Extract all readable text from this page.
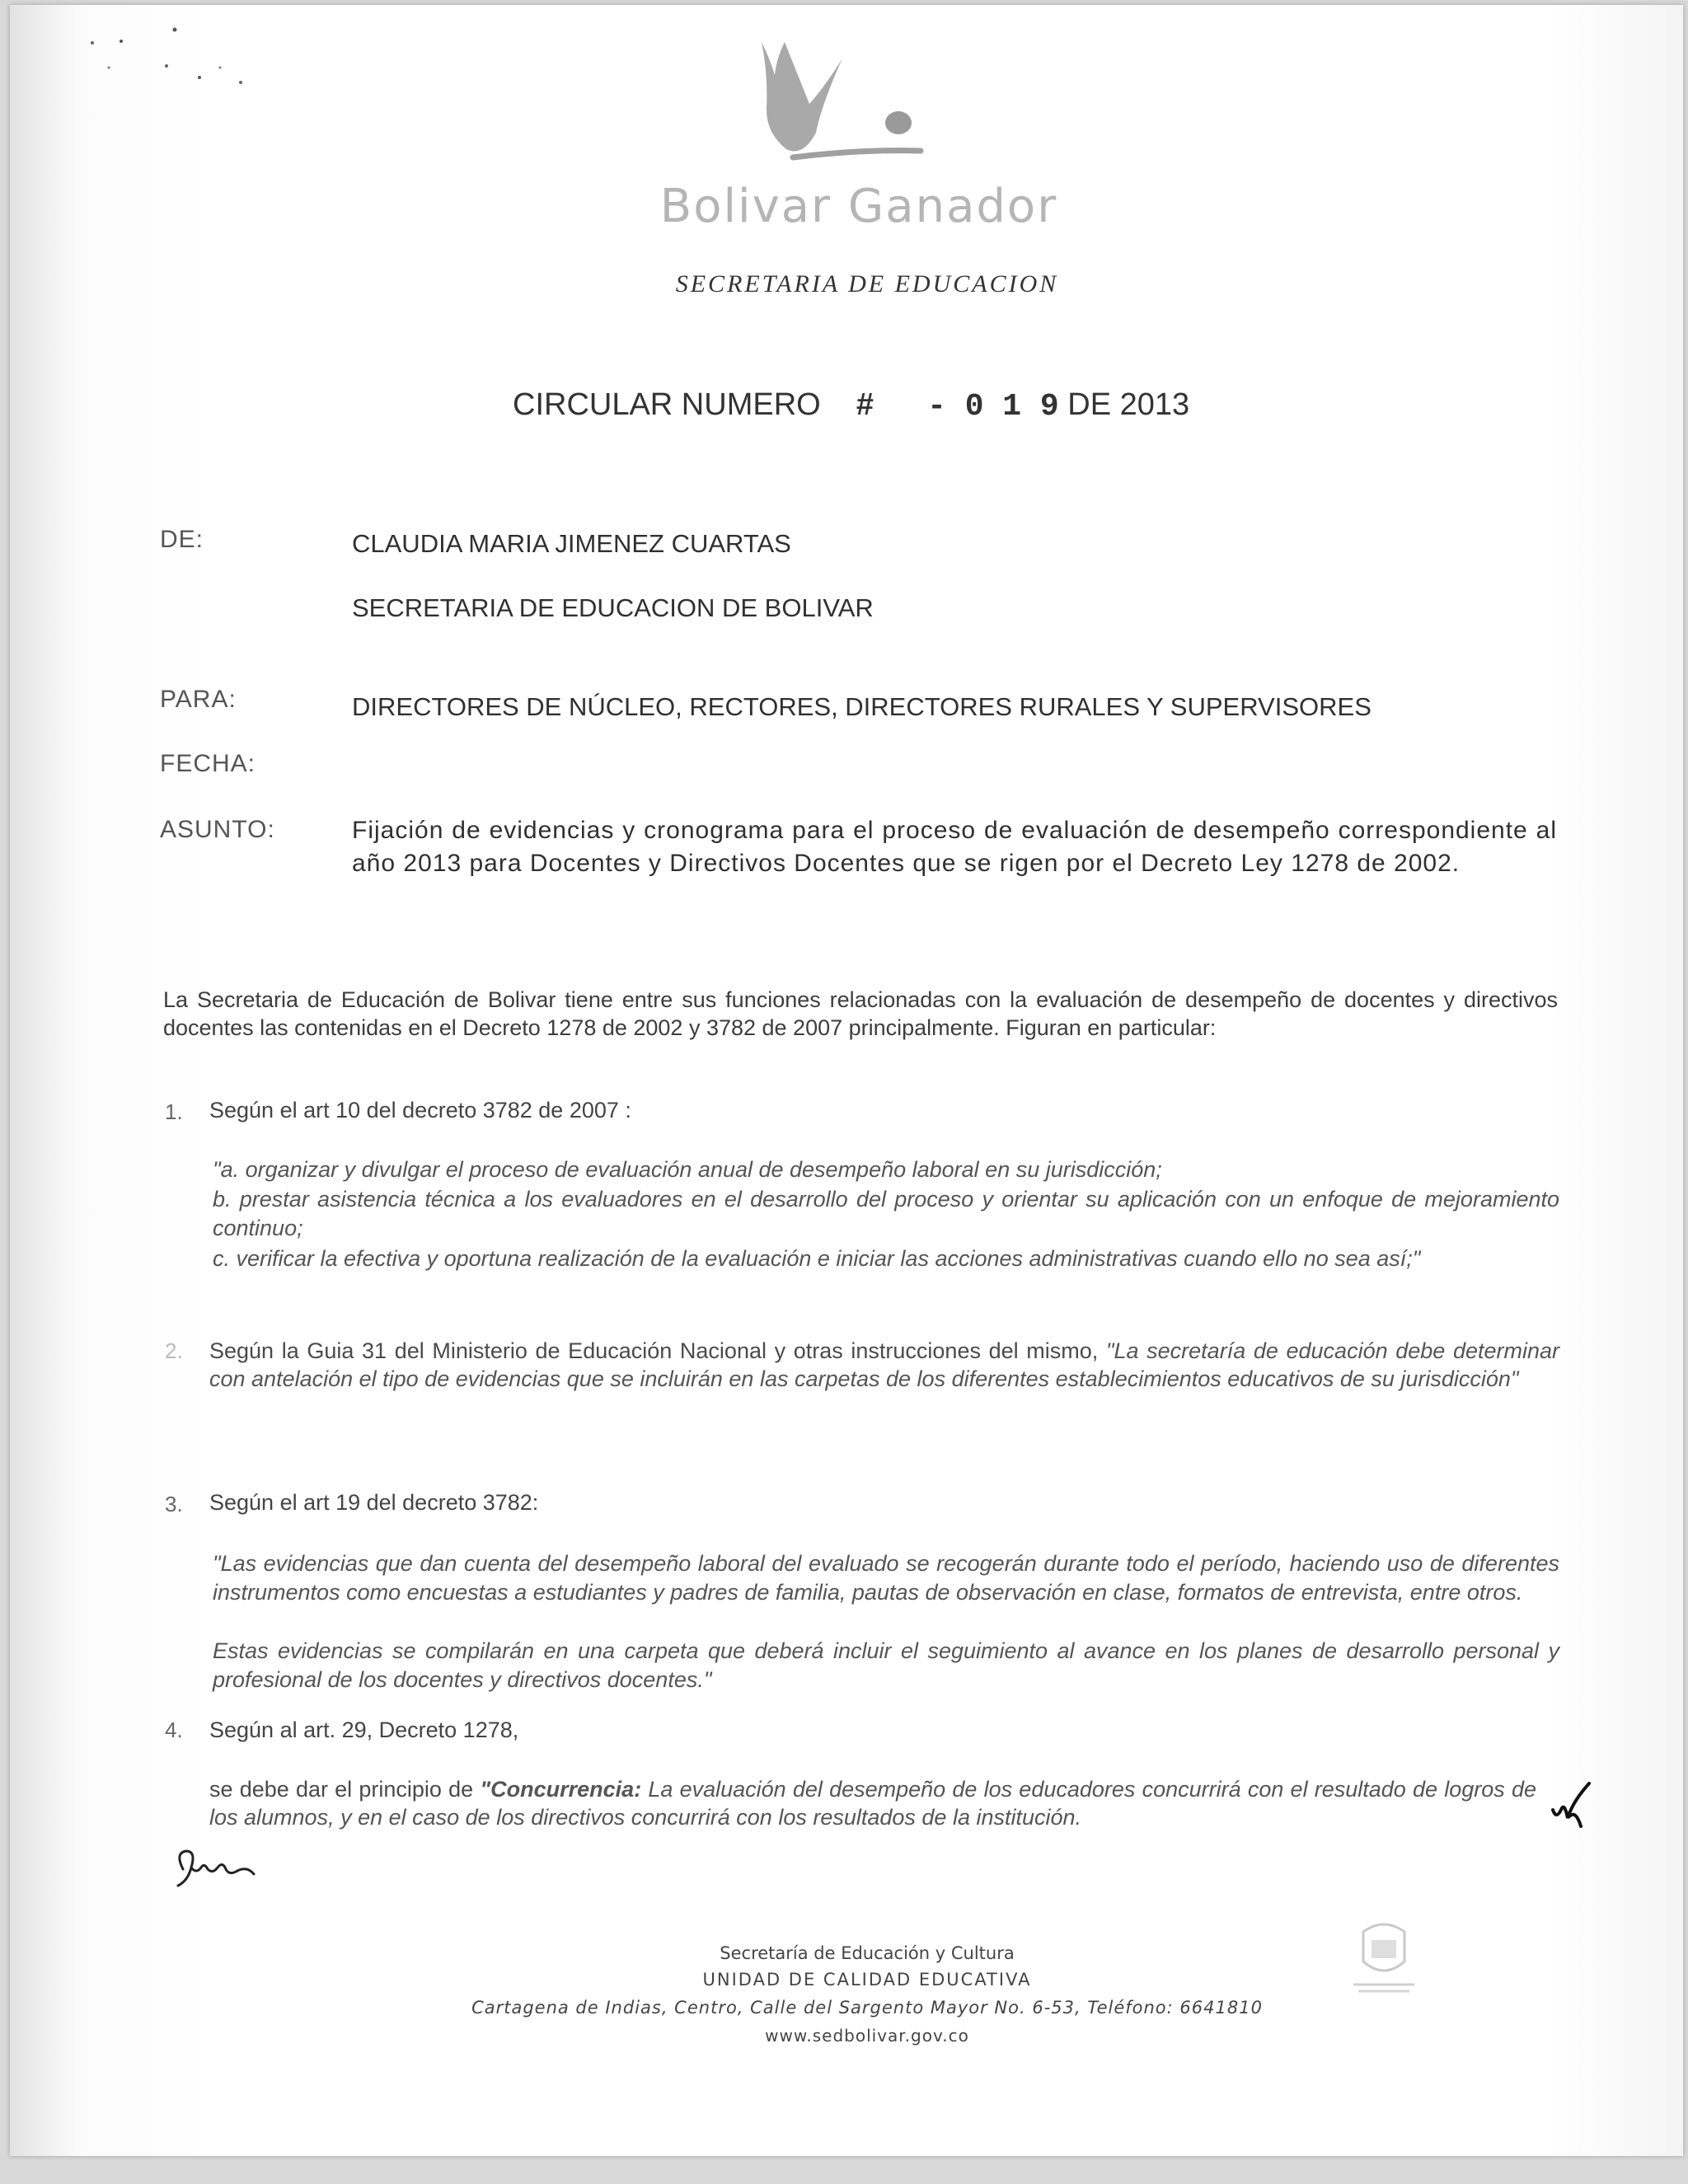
Bolivar Ganador
SECRETARIA DE EDUCACION
CIRCULAR NUMERO # - 0 1 9 DE 2013
DE:	CLAUDIA MARIA JIMENEZ CUARTAS
SECRETARIA DE EDUCACION DE BOLIVAR
PARA:	DIRECTORES DE NÚCLEO, RECTORES, DIRECTORES RURALES Y SUPERVISORES
FECHA:
ASUNTO:	Fijación de evidencias y cronograma para el proceso de evaluación de desempeño correspondiente al año 2013 para Docentes y Directivos Docentes que se rigen por el Decreto Ley 1278 de 2002.
La Secretaria de Educación de Bolivar tiene entre sus funciones relacionadas con la evaluación de desempeño de docentes y directivos docentes las contenidas en el Decreto 1278 de 2002 y 3782 de 2007 principalmente. Figuran en particular:
1. Según el art 10 del decreto 3782 de 2007 :
"a. organizar y divulgar el proceso de evaluación anual de desempeño laboral en su jurisdicción;
b. prestar asistencia técnica a los evaluadores en el desarrollo del proceso y orientar su aplicación con un enfoque de mejoramiento continuo;
c. verificar la efectiva y oportuna realización de la evaluación e iniciar las acciones administrativas cuando ello no sea así;"
2. Según la Guia 31 del Ministerio de Educación Nacional y otras instrucciones del mismo, "La secretaría de educación debe determinar con antelación el tipo de evidencias que se incluirán en las carpetas de los diferentes establecimientos educativos de su jurisdicción"
3. Según el art 19 del decreto 3782:
"Las evidencias que dan cuenta del desempeño laboral del evaluado se recogerán durante todo el período, haciendo uso de diferentes instrumentos como encuestas a estudiantes y padres de familia, pautas de observación en clase, formatos de entrevista, entre otros.
Estas evidencias se compilarán en una carpeta que deberá incluir el seguimiento al avance en los planes de desarrollo personal y profesional de los docentes y directivos docentes."
4. Según al art. 29, Decreto 1278,
se debe dar el principio de "Concurrencia: La evaluación del desempeño de los educadores concurrirá con el resultado de logros de los alumnos, y en el caso de los directivos concurrirá con los resultados de la institución.
Secretaría de Educación y Cultura
UNIDAD DE CALIDAD EDUCATIVA
Cartagena de Indias, Centro, Calle del Sargento Mayor No. 6-53, Teléfono: 6641810
www.sedbolivar.gov.co
